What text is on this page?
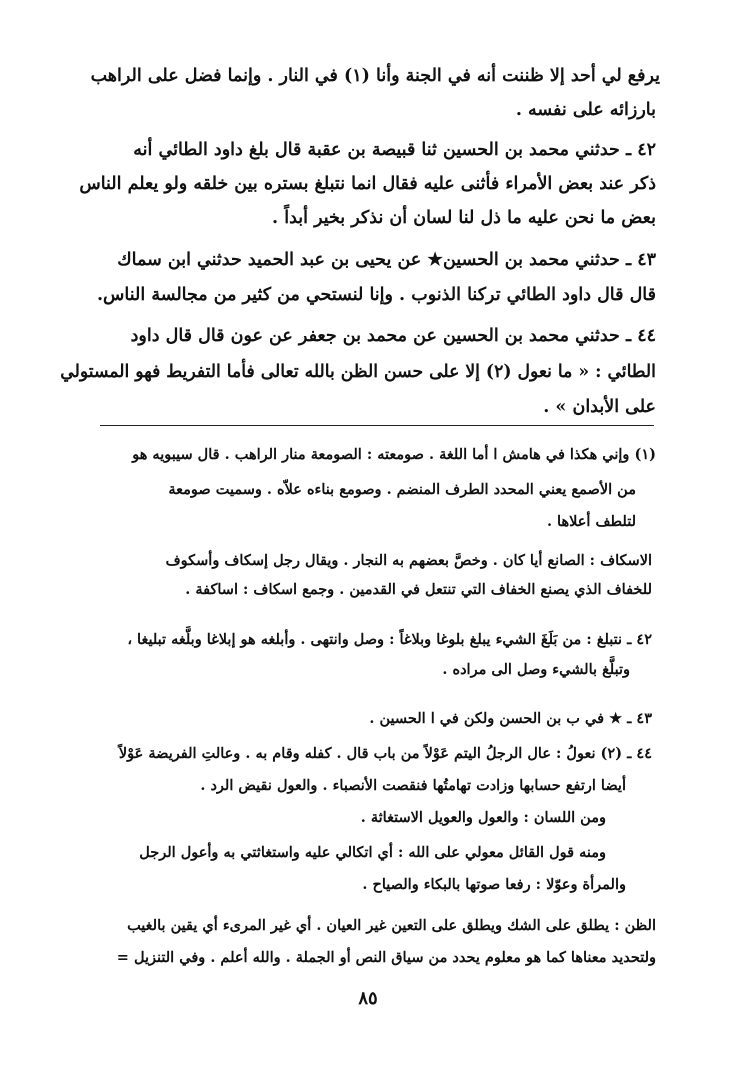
يرفع لي أحد إلا ظننت أنه في الجنة وأنا (١) في النار . وإنما فضل على الراهب
بارزائه على نفسه .
٤٢ ـ حدثني محمد بن الحسين ثنا قبيصة بن عقبة قال بلغ داود الطائي أنه
ذكر عند بعض الأمراء فأثنى عليه فقال انما نتبلغ بستره بين خلقه ولو يعلم الناس
بعض ما نحن عليه ما ذل لنا لسان أن نذكر بخير أبداً .
٤٣ ـ حدثني محمد بن الحسين★ عن يحيى بن عبد الحميد حدثني ابن سماك
قال قال داود الطائي تركنا الذنوب . وإنا لنستحي من كثير من مجالسة الناس.
٤٤ ـ حدثني محمد بن الحسين عن محمد بن جعفر عن عون قال قال داود
الطائي : « ما نعول (٢) إلا على حسن الظن بالله تعالى فأما التفريط فهو المستولي
على الأبدان » .
(١) وإني هكذا في هامش ا أما اللغة . صومعته : الصومعة منار الراهب . قال سيبويه هو
من الأصمع يعني المحدد الطرف المنضم . وصومع بناءه علاّه . وسميت صومعة
لتلطف أعلاها .
الاسكاف : الصانع أيا كان . وخصَّ بعضهم به النجار . ويقال رجل إسكاف وأسكوف
للخفاف الذي يصنع الخفاف التي تنتعل في القدمين . وجمع اسكاف : اساكفة .
٤٢ ـ نتبلغ : من بَلَغَ الشيء يبلغ بلوغا وبلاغاً : وصل وانتهى . وأبلغه هو إبلاغا وبلَّغه تبليغا ،
وتبلَّغ بالشيء وصل الى مراده .
٤٣ ـ ★ في ب بن الحسن ولكن في ا الحسين .
٤٤ ـ (٢) نعولُ : عال الرجلُ اليتم عَوْلاً من باب قال . كفله وقام به . وعالتِ الفريضة عَوْلاً
أيضا ارتفع حسابها وزادت تهامتُها فنقصت الأنصباء . والعول نقيض الرد .
ومن اللسان : والعول والعويل الاستغاثة .
ومنه قول القائل معولي على الله : أي اتكالي عليه واستغاثتي به وأعول الرجل
والمرأة وعوّلا : رفعا صوتها بالبكاء والصياح .
الظن : يطلق على الشك ويطلق على التعين غير العيان . أي غير المرىء أي يقين بالغيب
ولتحديد معناها كما هو معلوم يحدد من سياق النص أو الجملة . والله أعلم . وفي التنزيل =
٨٥
